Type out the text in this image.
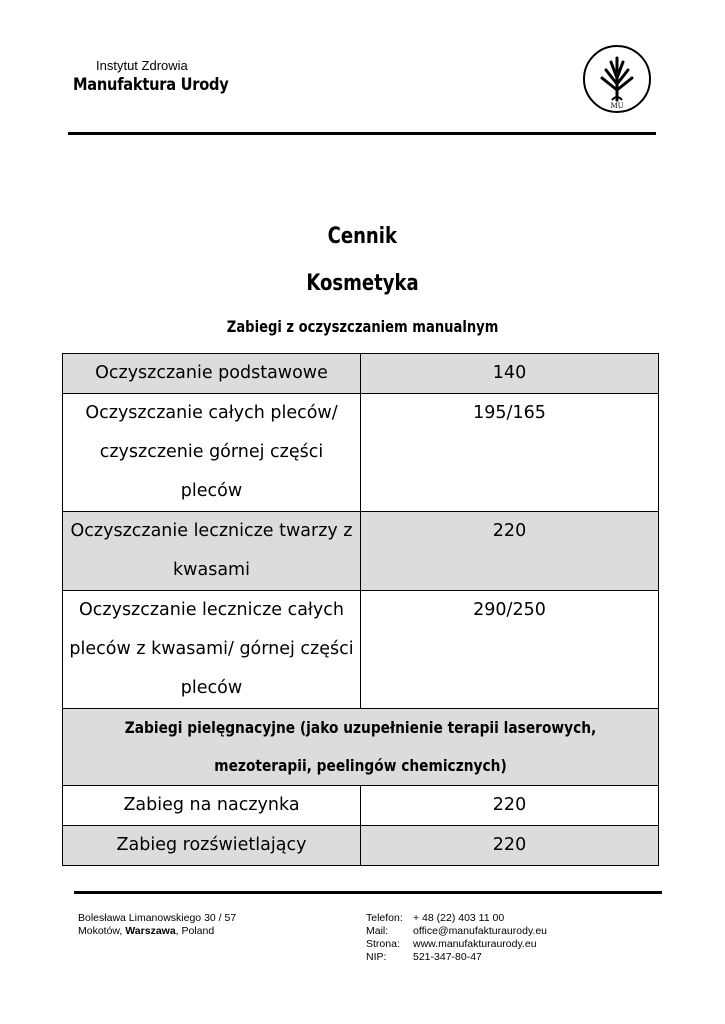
Instytut Zdrowia
Manufaktura Urody
MU
Cennik
Kosmetyka
Zabiegi z oczyszczaniem manualnym
Oczyszczanie podstawowe	140
Oczyszczanie całych pleców/ czyszczenie górnej części pleców	195/165
Oczyszczanie lecznicze twarzy z kwasami	220
Oczyszczanie lecznicze całych pleców z kwasami/ górnej części pleców	290/250
Zabiegi pielęgnacyjne (jako uzupełnienie terapii laserowych, mezoterapii, peelingów chemicznych)	
Zabieg na naczynka	220
Zabieg rozświetlający	220
Bolesława Limanowskiego 30 / 57
Mokotów, Warszawa, Poland
Telefon: + 48 (22) 403 11 00
Mail: office@manufakturaurody.eu
Strona: www.manufakturaurody.eu
NIP:	521-347-80-47
